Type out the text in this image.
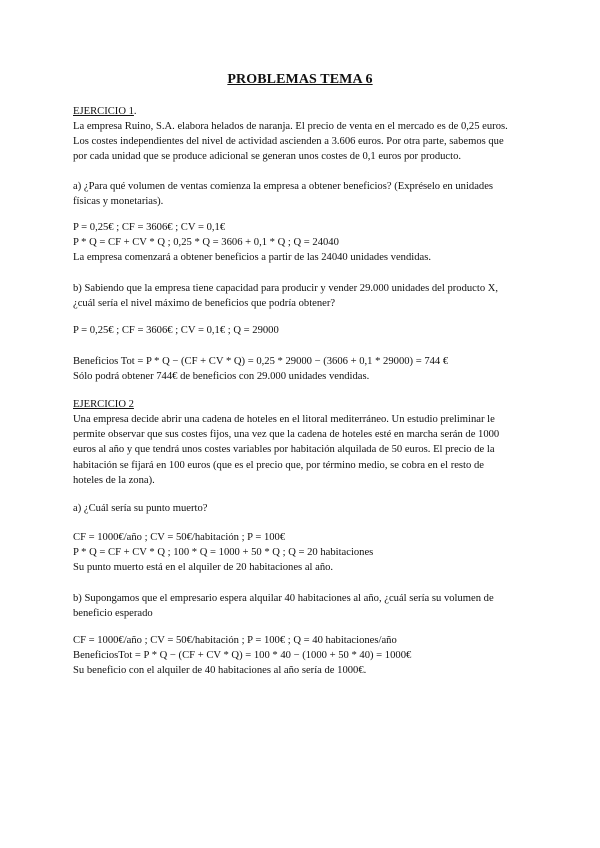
PROBLEMAS TEMA 6

EJERCICIO 1.

La empresa Ruino, S.A. elabora helados de naranja. El precio de venta en el mercado es de 0,25 euros.

Los costes independientes del nivel de actividad ascienden a 3.606 euros. Por otra parte, sabemos que

por cada unidad que se produce adicional se generan unos costes de 0,1 euros por producto.

a) ¿Para qué volumen de ventas comienza la empresa a obtener beneficios? (Expréselo en unidades

físicas y monetarias).

P = 0,25€ ; CF = 3606€ ; CV = 0,1€

P * Q = CF + CV * Q ; 0,25 * Q = 3606 + 0,1 * Q ; Q = 24040

La empresa comenzará a obtener beneficios a partir de las 24040 unidades vendidas.

b) Sabiendo que la empresa tiene capacidad para producir y vender 29.000 unidades del producto X,

¿cuál sería el nivel máximo de beneficios que podría obtener?

P = 0,25€ ; CF = 3606€ ; CV = 0,1€ ; Q = 29000

Beneficios Tot = P * Q − (CF + CV * Q) = 0,25 * 29000 − (3606 + 0,1 * 29000) = 744 €

Sólo podrá obtener 744€ de beneficios con 29.000 unidades vendidas.

EJERCICIO 2

Una empresa decide abrir una cadena de hoteles en el litoral mediterráneo. Un estudio preliminar le

permite observar que sus costes fijos, una vez que la cadena de hoteles esté en marcha serán de 1000

euros al año y que tendrá unos costes variables por habitación alquilada de 50 euros. El precio de la

habitación se fijará en 100 euros (que es el precio que, por término medio, se cobra en el resto de

hoteles de la zona).

a) ¿Cuál sería su punto muerto?

CF = 1000€/año ; CV = 50€/habitación ; P = 100€

P * Q = CF + CV * Q ; 100 * Q = 1000 + 50 * Q ; Q = 20 habitaciones

Su punto muerto está en el alquiler de 20 habitaciones al año.

b) Supongamos que el empresario espera alquilar 40 habitaciones al año, ¿cuál sería su volumen de

beneficio esperado

CF = 1000€/año ; CV = 50€/habitación ; P = 100€ ; Q = 40 habitaciones/año

BeneficiosTot = P * Q − (CF + CV * Q) = 100 * 40 − (1000 + 50 * 40) = 1000€

Su beneficio con el alquiler de 40 habitaciones al año sería de 1000€.
